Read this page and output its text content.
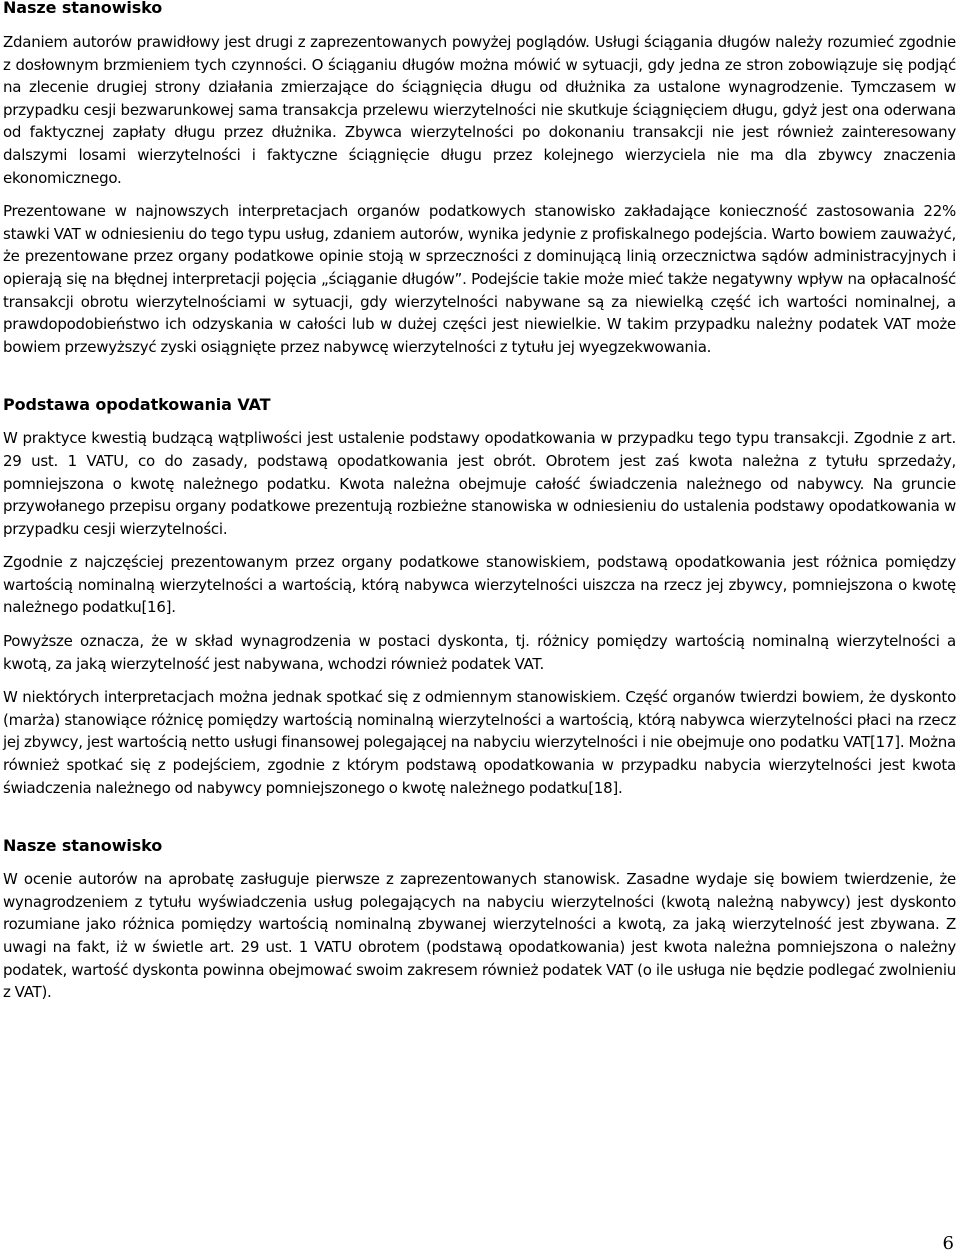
Nasze stanowisko

Zdaniem autorów prawidłowy jest drugi z zaprezentowanych powyżej poglądów. Usługi ściągania długów należy rozumieć zgodnie z dosłownym brzmieniem tych czynności. O ściąganiu długów można mówić w sytuacji, gdy jedna ze stron zobowiązuje się podjąć na zlecenie drugiej strony działania zmierzające do ściągnięcia długu od dłużnika za ustalone wynagrodzenie. Tymczasem w przypadku cesji bezwarunkowej sama transakcja przelewu wierzytelności nie skutkuje ściągnięciem długu, gdyż jest ona oderwana od faktycznej zapłaty długu przez dłużnika. Zbywca wierzytelności po dokonaniu transakcji nie jest również zainteresowany dalszymi losami wierzytelności i faktyczne ściągnięcie długu przez kolejnego wierzyciela nie ma dla zbywcy znaczenia ekonomicznego.

Prezentowane w najnowszych interpretacjach organów podatkowych stanowisko zakładające konieczność zastosowania 22% stawki VAT w odniesieniu do tego typu usług, zdaniem autorów, wynika jedynie z profiskalnego podejścia. Warto bowiem zauważyć, że prezentowane przez organy podatkowe opinie stoją w sprzeczności z dominującą linią orzecznictwa sądów administracyjnych i opierają się na błędnej interpretacji pojęcia „ściąganie długów”. Podejście takie może mieć także negatywny wpływ na opłacalność transakcji obrotu wierzytelnościami w sytuacji, gdy wierzytelności nabywane są za niewielką część ich wartości nominalnej, a prawdopodobieństwo ich odzyskania w całości lub w dużej części jest niewielkie. W takim przypadku należny podatek VAT może bowiem przewyższyć zyski osiągnięte przez nabywcę wierzytelności z tytułu jej wyegzekwowania.

Podstawa opodatkowania VAT

W praktyce kwestią budzącą wątpliwości jest ustalenie podstawy opodatkowania w przypadku tego typu transakcji. Zgodnie z art. 29 ust. 1 VATU, co do zasady, podstawą opodatkowania jest obrót. Obrotem jest zaś kwota należna z tytułu sprzedaży, pomniejszona o kwotę należnego podatku. Kwota należna obejmuje całość świadczenia należnego od nabywcy. Na gruncie przywołanego przepisu organy podatkowe prezentują rozbieżne stanowiska w odniesieniu do ustalenia podstawy opodatkowania w przypadku cesji wierzytelności.

Zgodnie z najczęściej prezentowanym przez organy podatkowe stanowiskiem, podstawą opodatkowania jest różnica pomiędzy wartością nominalną wierzytelności a wartością, którą nabywca wierzytelności uiszcza na rzecz jej zbywcy, pomniejszona o kwotę należnego podatku[16].

Powyższe oznacza, że w skład wynagrodzenia w postaci dyskonta, tj. różnicy pomiędzy wartością nominalną wierzytelności a kwotą, za jaką wierzytelność jest nabywana, wchodzi również podatek VAT.

W niektórych interpretacjach można jednak spotkać się z odmiennym stanowiskiem. Część organów twierdzi bowiem, że dyskonto (marża) stanowiące różnicę pomiędzy wartością nominalną wierzytelności a wartością, którą nabywca wierzytelności płaci na rzecz jej zbywcy, jest wartością netto usługi finansowej polegającej na nabyciu wierzytelności i nie obejmuje ono podatku VAT[17]. Można również spotkać się z podejściem, zgodnie z którym podstawą opodatkowania w przypadku nabycia wierzytelności jest kwota świadczenia należnego od nabywcy pomniejszonego o kwotę należnego podatku[18].

Nasze stanowisko

W ocenie autorów na aprobatę zasługuje pierwsze z zaprezentowanych stanowisk. Zasadne wydaje się bowiem twierdzenie, że wynagrodzeniem z tytułu wyświadczenia usług polegających na nabyciu wierzytelności (kwotą należną nabywcy) jest dyskonto rozumiane jako różnica pomiędzy wartością nominalną zbywanej wierzytelności a kwotą, za jaką wierzytelność jest zbywana. Z uwagi na fakt, iż w świetle art. 29 ust. 1 VATU obrotem (podstawą opodatkowania) jest kwota należna pomniejszona o należny podatek, wartość dyskonta powinna obejmować swoim zakresem również podatek VAT (o ile usługa nie będzie podlegać zwolnieniu z VAT).

6
